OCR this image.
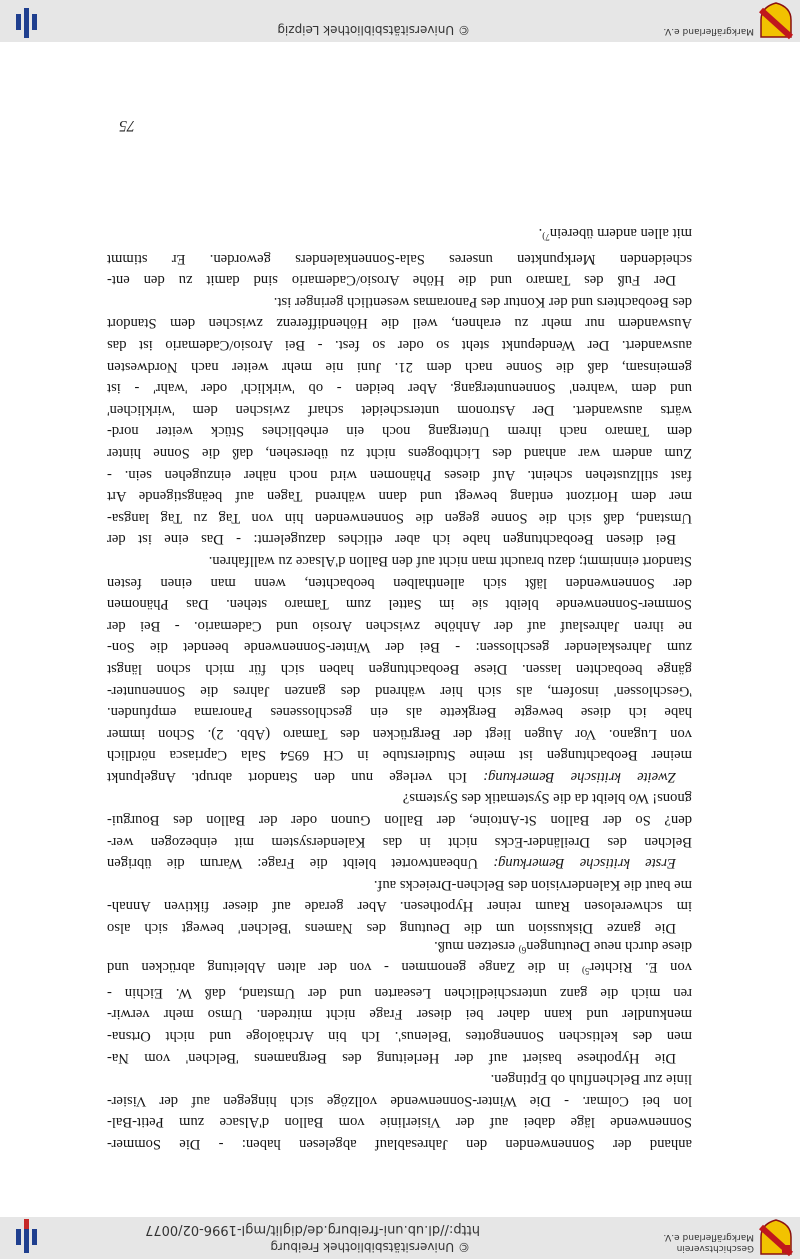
© Universitätsbibliothek Freiburg
http://dl.ub.uni-freiburg.de/diglit/mgl-1996-02/0077
Geschichtsverein
Markgräflerland e.V.
anhand der Sonnenwenden den Jahresablauf abgelesen haben: - Die Sommer-
Sonnenwende läge dabei auf der Visierlinie vom Ballon d'Alsace zum Petit-Bal-
lon bei Colmar. - Die Winter-Sonnenwende vollzöge sich hingegen auf der Visier-
linie zur Belchenfluh ob Eptingen.
Die Hypothese basiert auf der Herleitung des Bergnamens 'Belchen' vom Na-
men des keltischen Sonnengottes 'Belenus'. Ich bin Archäologe und nicht Ortsna-
menkundler und kann daher bei dieser Frage nicht mitreden. Umso mehr verwir-
ren mich die ganz unterschiedlichen Lesearten und der Umstand, daß W. Eichin -
von E. Richter$^{5)}$ in die Zange genommen - von der alten Ableitung abrücken und
diese durch neue Deutungen$^{6)}$ ersetzen muß.
Die ganze Diskussion um die Deutung des Namens 'Belchen' bewegt sich also
im schwerelosen Raum reiner Hypothesen. Aber gerade auf dieser fiktiven Annah-
me baut die Kalendervision des Belchen-Dreiecks auf.
Erste kritische Bemerkung: Unbeantwortet bleibt die Frage: Warum die übrigen
Belchen des Dreiländer-Ecks nicht in das Kalendersystem mit einbezogen wer-
den? So der Ballon St-Antoine, der Ballon Gunon oder der Ballon des Bourgui-
gnons! Wo bleibt da die Systematik des Systems?
Zweite kritische Bemerkung: Ich verlege nun den Standort abrupt. Angelpunkt
meiner Beobachtungen ist meine Studierstube in CH 6954 Sala Capriasca nördlich
von Lugano. Vor Augen liegt der Bergrücken des Tamaro (Abb. 2). Schon immer
habe ich diese bewegte Bergkette als ein geschlossenes Panorama empfunden.
'Geschlossen' insofern, als sich hier während des ganzen Jahres die Sonnenunter-
gänge beobachten lassen. Diese Beobachtungen haben sich für mich schon längst
zum Jahreskalender geschlossen: - Bei der Winter-Sonnenwende beendet die Son-
ne ihren Jahreslauf auf der Anhöhe zwischen Arosio und Cademario. - Bei der
Sommer-Sonnenwende bleibt sie im Sattel zum Tamaro stehen. Das Phänomen
der Sonnenwenden läßt sich allenthalben beobachten, wenn man einen festen
Standort einnimmt; dazu braucht man nicht auf den Ballon d'Alsace zu wallfahren.
Bei diesen Beobachtungen habe ich aber etliches dazugelernt: - Das eine ist der
Umstand, daß sich die Sonne gegen die Sonnenwenden hin von Tag zu Tag langsa-
mer dem Horizont entlang bewegt und dann während Tagen auf beängstigende Art
fast stillzustehen scheint. Auf dieses Phänomen wird noch näher einzugehen sein. -
Zum andern war anhand des Lichtbogens nicht zu übersehen, daß die Sonne hinter
dem Tamaro nach ihrem Untergang noch ein erhebliches Stück weiter nord-
wärts auswandert. Der Astronom unterscheidet scharf zwischen dem 'wirklichen'
und dem 'wahren' Sonnenuntergang. Aber beiden - ob 'wirklich' oder 'wahr' - ist
gemeinsam, daß die Sonne nach dem 21. Juni nie mehr weiter nach Nordwesten
auswandert. Der Wendepunkt steht so oder so fest. - Bei Arosio/Cademario ist das
Auswandern nur mehr zu erahnen, weil die Höhendifferenz zwischen dem Standort
des Beobachters und der Kontur des Panoramas wesentlich geringer ist.
Der Fuß des Tamaro und die Höhe Arosio/Cademario sind damit zu den ent-
scheidenden Merkpunkten unseres Sala-Sonnenkalenders geworden. Er stimmt
mit allen andern überein$^{7)}$.
75
© Universitätsbibliothek Leipzig	Markgräflerland e.V.
